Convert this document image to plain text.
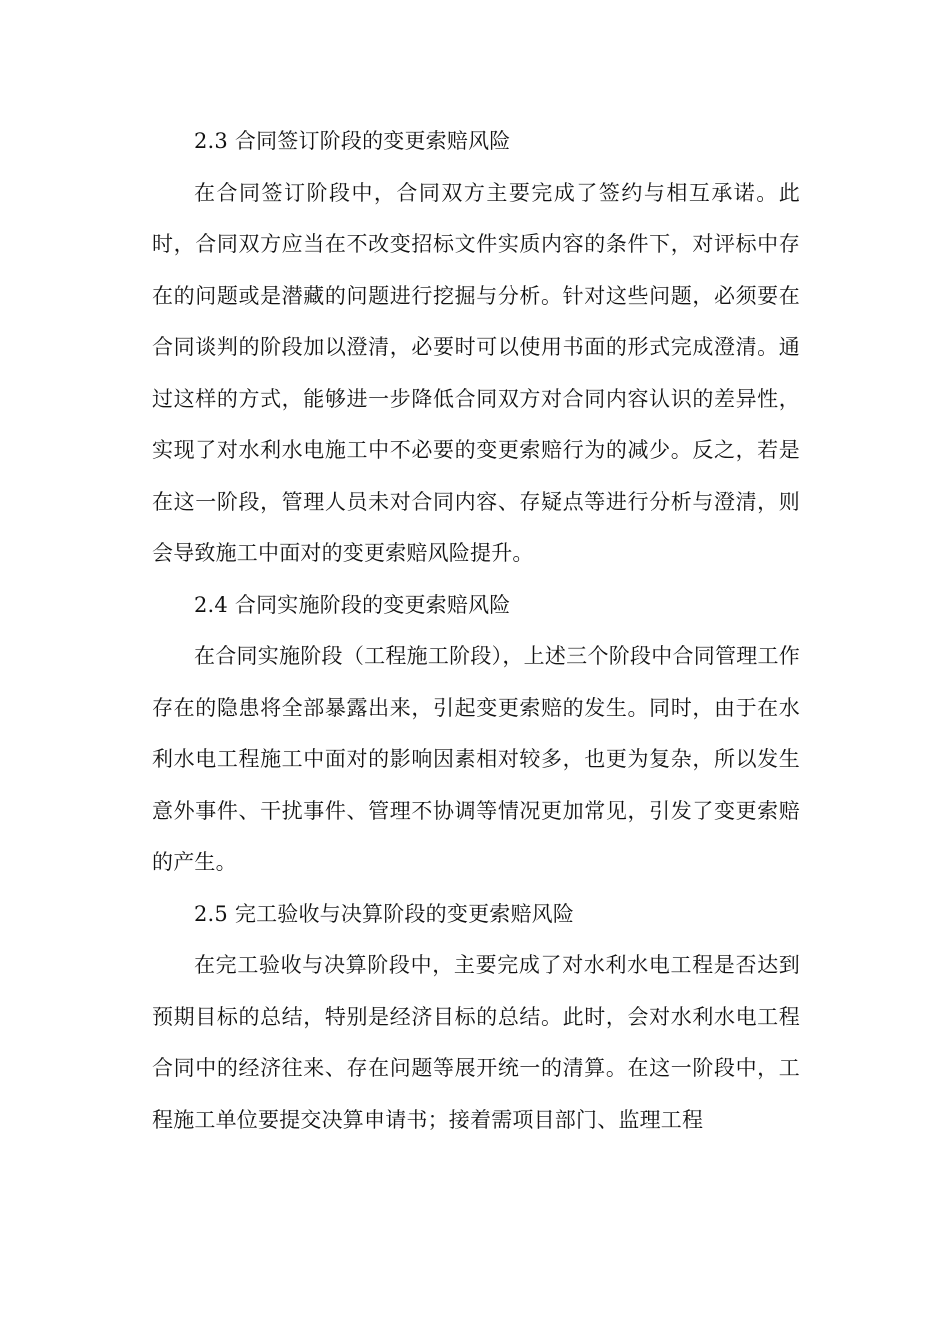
2.3 合同签订阶段的变更索赔风险

在合同签订阶段中，合同双方主要完成了签约与相互承诺。此时，合同双方应当在不改变招标文件实质内容的条件下，对评标中存在的问题或是潜藏的问题进行挖掘与分析。针对这些问题，必须要在合同谈判的阶段加以澄清，必要时可以使用书面的形式完成澄清。通过这样的方式，能够进一步降低合同双方对合同内容认识的差异性，实现了对水利水电施工中不必要的变更索赔行为的减少。反之，若是在这一阶段，管理人员未对合同内容、存疑点等进行分析与澄清，则会导致施工中面对的变更索赔风险提升。

2.4 合同实施阶段的变更索赔风险

在合同实施阶段（工程施工阶段），上述三个阶段中合同管理工作存在的隐患将全部暴露出来，引起变更索赔的发生。同时，由于在水利水电工程施工中面对的影响因素相对较多，也更为复杂，所以发生意外事件、干扰事件、管理不协调等情况更加常见，引发了变更索赔的产生。

2.5 完工验收与决算阶段的变更索赔风险

在完工验收与决算阶段中，主要完成了对水利水电工程是否达到预期目标的总结，特别是经济目标的总结。此时，会对水利水电工程合同中的经济往来、存在问题等展开统一的清算。在这一阶段中，工程施工单位要提交决算申请书；接着需项目部门、监理工程
